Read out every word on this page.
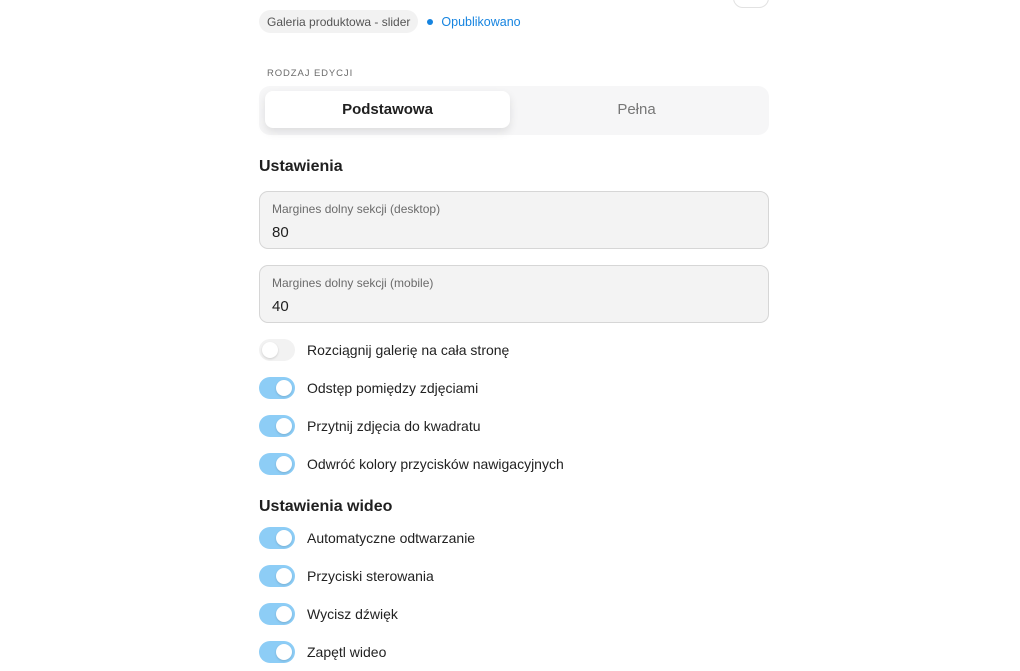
Galeria produktowa - slider	Opublikowano
RODZAJ EDYCJI
Podstawowa	Pełna
Ustawienia
Margines dolny sekcji (desktop)
80
Margines dolny sekcji (mobile)
40
Rozciągnij galerię na cała stronę
Odstęp pomiędzy zdjęciami
Przytnij zdjęcia do kwadratu
Odwróć kolory przycisków nawigacyjnych
Ustawienia wideo
Automatyczne odtwarzanie
Przyciski sterowania
Wycisz dźwięk
Zapętl wideo
